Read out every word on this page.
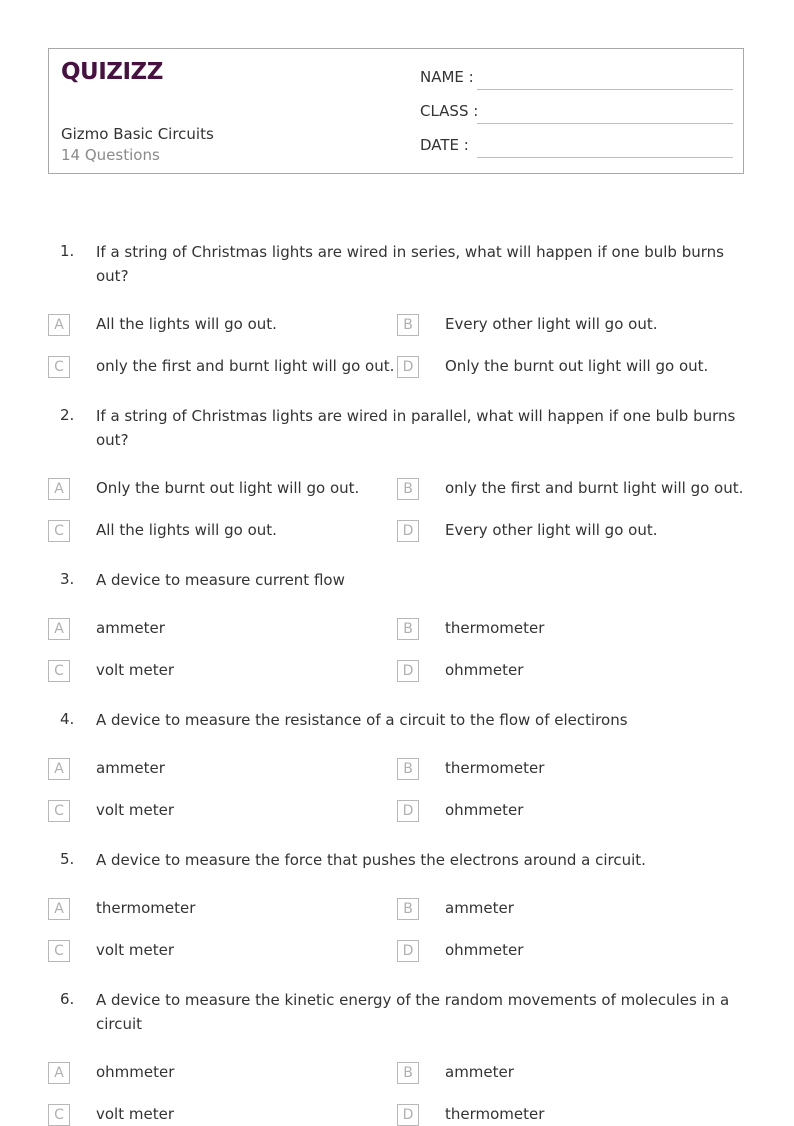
QUIZIZZ
Gizmo Basic Circuits
14 Questions
NAME :
CLASS :
DATE :
1. If a string of Christmas lights are wired in series, what will happen if one bulb burns out?
A	All the lights will go out.	B	Every other light will go out.
C	only the first and burnt light will go out. D	Only the burnt out light will go out.
2. If a string of Christmas lights are wired in parallel, what will happen if one bulb burns out?
A	Only the burnt out light will go out.	B	only the first and burnt light will go out.
C	All the lights will go out.	D	Every other light will go out.
3. A device to measure current flow
A	ammeter	B	thermometer
C	volt meter	D	ohmmeter
4. A device to measure the resistance of a circuit to the flow of electirons
A	ammeter	B	thermometer
C	volt meter	D	ohmmeter
5. A device to measure the force that pushes the electrons around a circuit.
A	thermometer	B	ammeter
C	volt meter	D	ohmmeter
6. A device to measure the kinetic energy of the random movements of molecules in a circuit
A	ohmmeter	B	ammeter
C	volt meter	D	thermometer
